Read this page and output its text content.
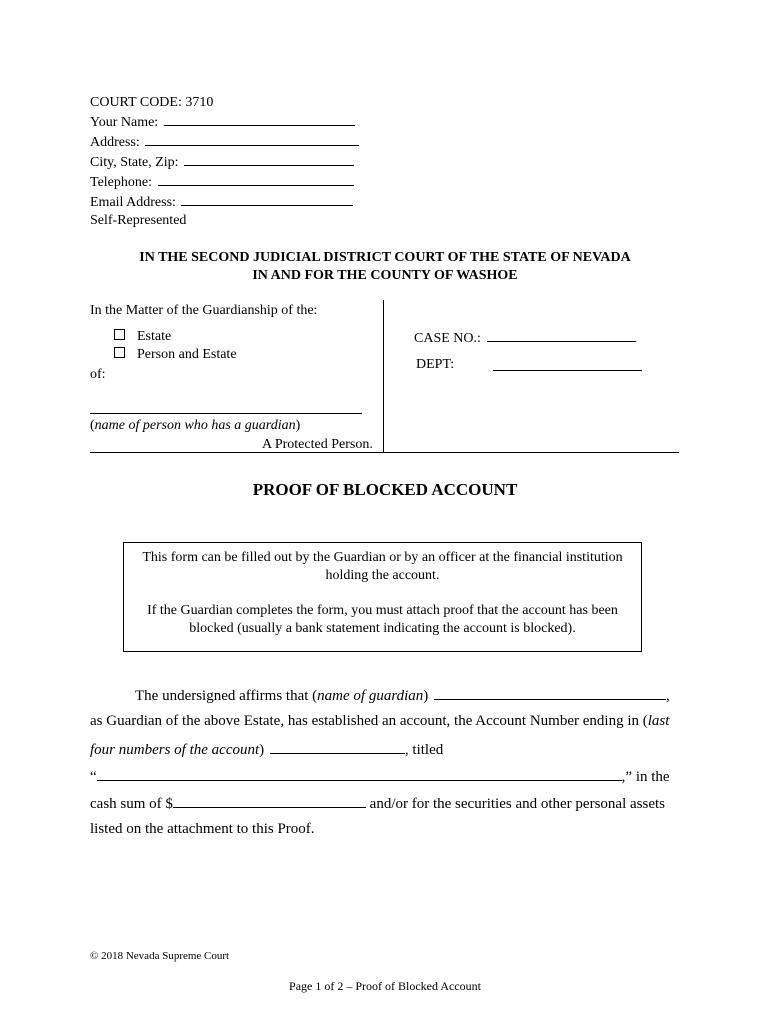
COURT CODE: 3710
Your Name:
Address:
City, State, Zip:
Telephone:
Email Address:
Self-Represented
IN THE SECOND JUDICIAL DISTRICT COURT OF THE STATE OF NEVADA
IN AND FOR THE COUNTY OF WASHOE
In the Matter of the Guardianship of the:
Estate
Person and Estate
of:
(name of person who has a guardian)
A Protected Person.
CASE NO.:
DEPT:
PROOF OF BLOCKED ACCOUNT
This form can be filled out by the Guardian or by an officer at the financial institution holding the account.
If the Guardian completes the form, you must attach proof that the account has been blocked (usually a bank statement indicating the account is blocked).
The undersigned affirms that (name of guardian)	,
as Guardian of the above Estate, has established an account, the Account Number ending in (last
four numbers of the account)	, titled
“	,” in the
cash sum of $	and/or for the securities and other personal assets
listed on the attachment to this Proof.
© 2018 Nevada Supreme Court
Page 1 of 2 – Proof of Blocked Account
